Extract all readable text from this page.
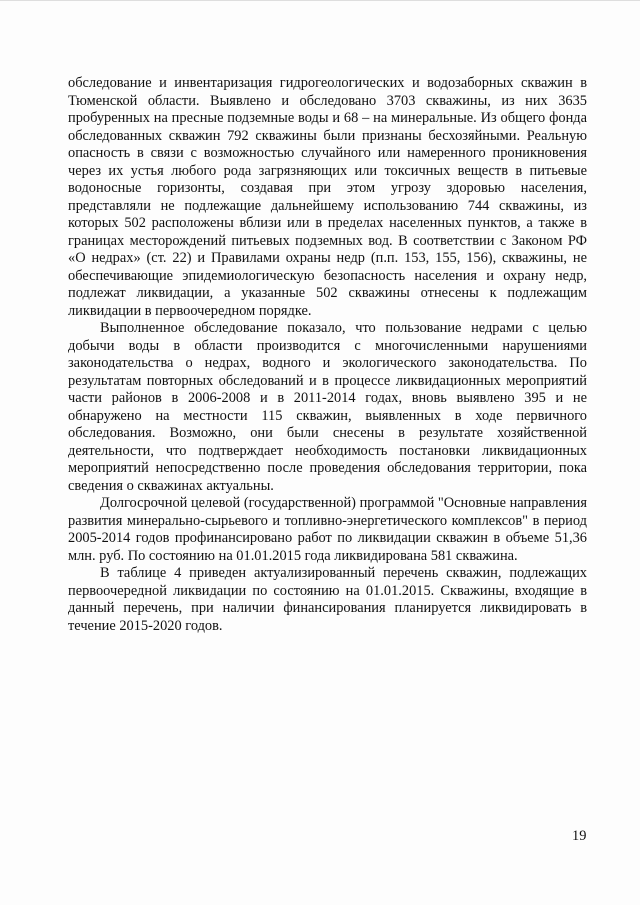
обследование и инвентаризация гидрогеологических и водозаборных скважин в Тюменской области. Выявлено и обследовано 3703 скважины, из них 3635 пробуренных на пресные подземные воды и 68 – на минеральные. Из общего фонда обследованных скважин 792 скважины были признаны бесхозяйными. Реальную опасность в связи с возможностью случайного или намеренного проникновения через их устья любого рода загрязняющих или токсичных веществ в питьевые водоносные горизонты, создавая при этом угрозу здоровью населения, представляли не подлежащие дальнейшему использованию 744 скважины, из которых 502 расположены вблизи или в пределах населенных пунктов, а также в границах месторождений питьевых подземных вод. В соответствии с Законом РФ «О недрах» (ст. 22) и Правилами охраны недр (п.п. 153, 155, 156), скважины, не обеспечивающие эпидемиологическую безопасность населения и охрану недр, подлежат ликвидации, а указанные 502 скважины отнесены к подлежащим ликвидации в первоочередном порядке.

Выполненное обследование показало, что пользование недрами с целью добычи воды в области производится с многочисленными нарушениями законодательства о недрах, водного и экологического законодательства. По результатам повторных обследований и в процессе ликвидационных мероприятий части районов в 2006-2008 и в 2011-2014 годах, вновь выявлено 395 и не обнаружено на местности 115 скважин, выявленных в ходе первичного обследования. Возможно, они были снесены в результате хозяйственной деятельности, что подтверждает необходимость постановки ликвидационных мероприятий непосредственно после проведения обследования территории, пока сведения о скважинах актуальны.

Долгосрочной целевой (государственной) программой "Основные направления развития минерально-сырьевого и топливно-энергетического комплексов" в период 2005-2014 годов профинансировано работ по ликвидации скважин в объеме 51,36 млн. руб. По состоянию на 01.01.2015 года ликвидирована 581 скважина.

В таблице 4 приведен актуализированный перечень скважин, подлежащих первоочередной ликвидации по состоянию на 01.01.2015. Скважины, входящие в данный перечень, при наличии финансирования планируется ликвидировать в течение 2015-2020 годов.

19
